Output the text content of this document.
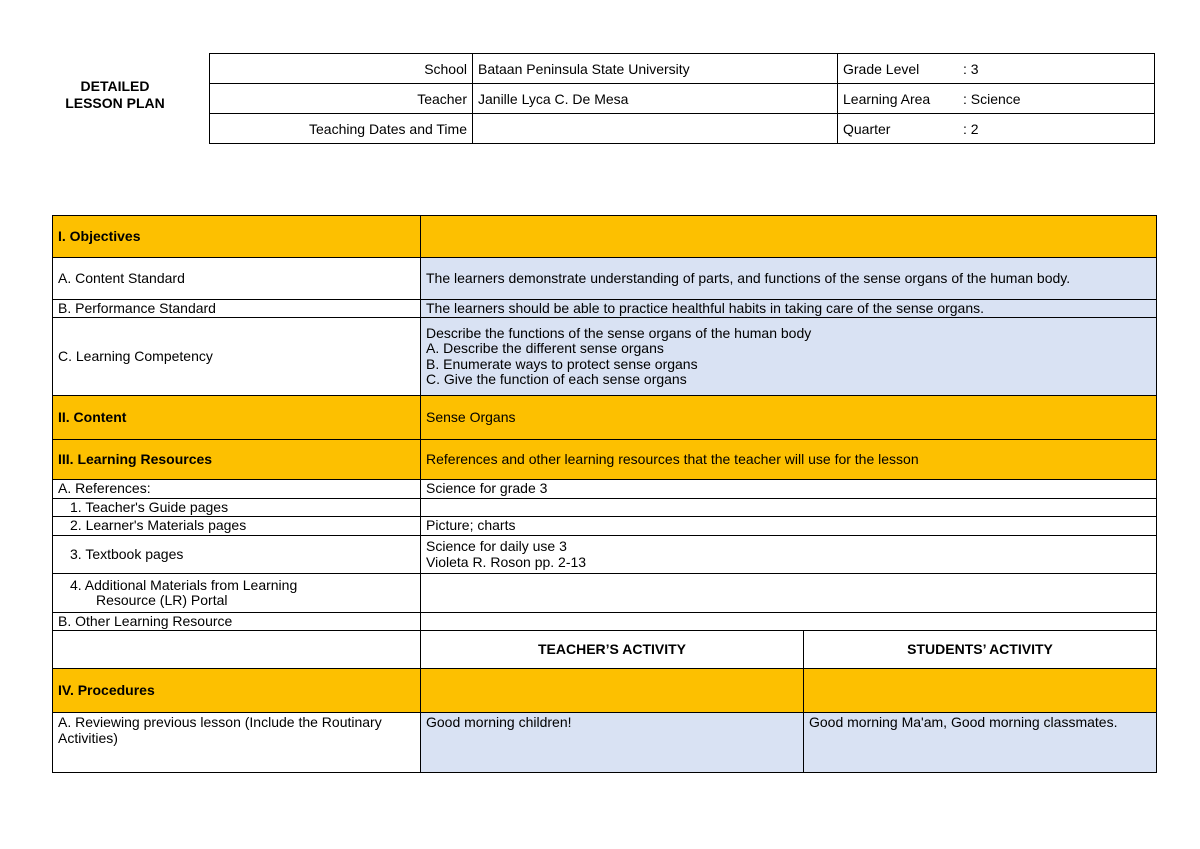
DETAILED
LESSON PLAN
School	Bataan Peninsula State University	Grade Level : 3
Teacher	Janille Lyca C. De Mesa	Learning Area : Science
Teaching Dates and Time		Quarter : 2
I. Objectives		
A. Content Standard	The learners demonstrate understanding of parts, and functions of the sense organs of the human body.	
B. Performance Standard	The learners should be able to practice healthful habits in taking care of the sense organs.	
C. Learning Competency	Describe the functions of the sense organs of the human body
A. Describe the different sense organs
B. Enumerate ways to protect sense organs
C. Give the function of each sense organs	

II. Content	Sense Organs	
III. Learning Resources	References and other learning resources that the teacher will use for the lesson	
A. References:	Science for grade 3	
1. Teacher's Guide pages		
2. Learner's Materials pages	Picture; charts	
3. Textbook pages	Science for daily use 3
Violeta R. Roson pp. 2-13	

4. Additional Materials from Learning
Resource (LR) Portal		

B. Other Learning Resource		
	TEACHER’S ACTIVITY	STUDENTS’ ACTIVITY
IV. Procedures		
A. Reviewing previous lesson (Include the Routinary Activities)	Good morning children!	Good morning Ma'am, Good morning classmates.
